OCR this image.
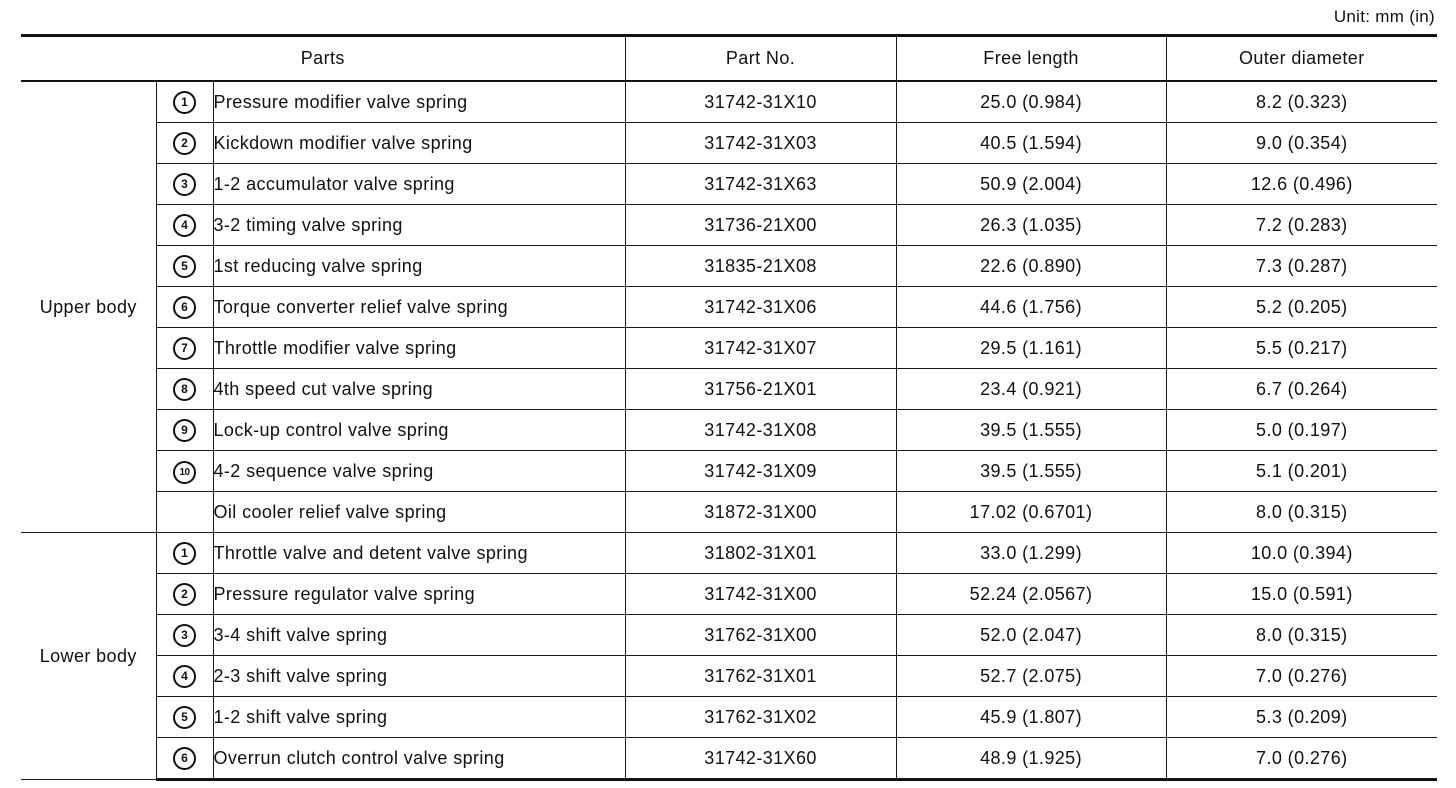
Unit: mm (in)
Parts			Part No.	Free length	Outer diameter
Upper body	1	Pressure modifier valve spring	31742-31X10	25.0 (0.984)	8.2 (0.323)
	2	Kickdown modifier valve spring	31742-31X03	40.5 (1.594)	9.0 (0.354)
	3	1-2 accumulator valve spring	31742-31X63	50.9 (2.004)	12.6 (0.496)
	4	3-2 timing valve spring	31736-21X00	26.3 (1.035)	7.2 (0.283)
	5	1st reducing valve spring	31835-21X08	22.6 (0.890)	7.3 (0.287)
	6	Torque converter relief valve spring	31742-31X06	44.6 (1.756)	5.2 (0.205)
	7	Throttle modifier valve spring	31742-31X07	29.5 (1.161)	5.5 (0.217)
	8	4th speed cut valve spring	31756-21X01	23.4 (0.921)	6.7 (0.264)
	9	Lock-up control valve spring	31742-31X08	39.5 (1.555)	5.0 (0.197)
	10	4-2 sequence valve spring	31742-31X09	39.5 (1.555)	5.1 (0.201)
		Oil cooler relief valve spring	31872-31X00	17.02 (0.6701)	8.0 (0.315)
Lower body	1	Throttle valve and detent valve spring	31802-31X01	33.0 (1.299)	10.0 (0.394)
	2	Pressure regulator valve spring	31742-31X00	52.24 (2.0567)	15.0 (0.591)
	3	3-4 shift valve spring	31762-31X00	52.0 (2.047)	8.0 (0.315)
	4	2-3 shift valve spring	31762-31X01	52.7 (2.075)	7.0 (0.276)
	5	1-2 shift valve spring	31762-31X02	45.9 (1.807)	5.3 (0.209)
	6	Overrun clutch control valve spring	31742-31X60	48.9 (1.925)	7.0 (0.276)
